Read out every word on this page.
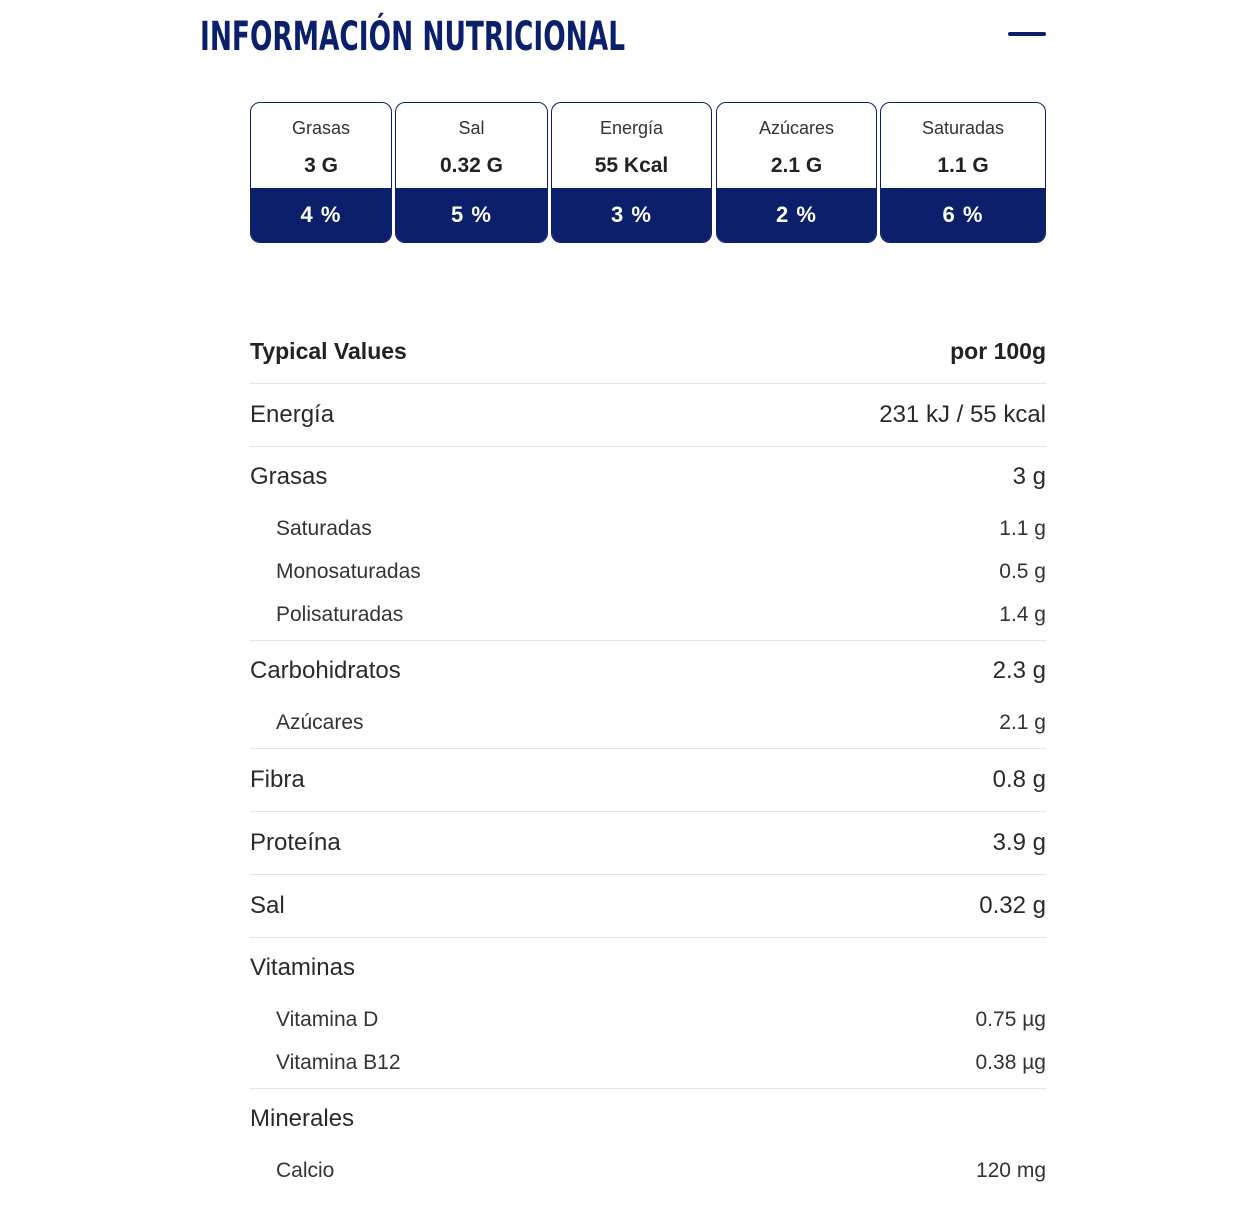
INFORMACIÓN NUTRICIONAL
Grasas
3 G
4 %
Sal
0.32 G
5 %
Energía
55 Kcal
3 %
Azúcares
2.1 G
2 %
Saturadas
1.1 G
6 %
Typical Values	por 100g
Energía	231 kJ / 55 kcal
Grasas	3 g
Saturadas	1.1 g
Monosaturadas	0.5 g
Polisaturadas	1.4 g
Carbohidratos	2.3 g
Azúcares	2.1 g
Fibra	0.8 g
Proteína	3.9 g
Sal	0.32 g
Vitaminas
Vitamina D	0.75 µg
Vitamina B12	0.38 µg
Minerales
Calcio	120 mg
